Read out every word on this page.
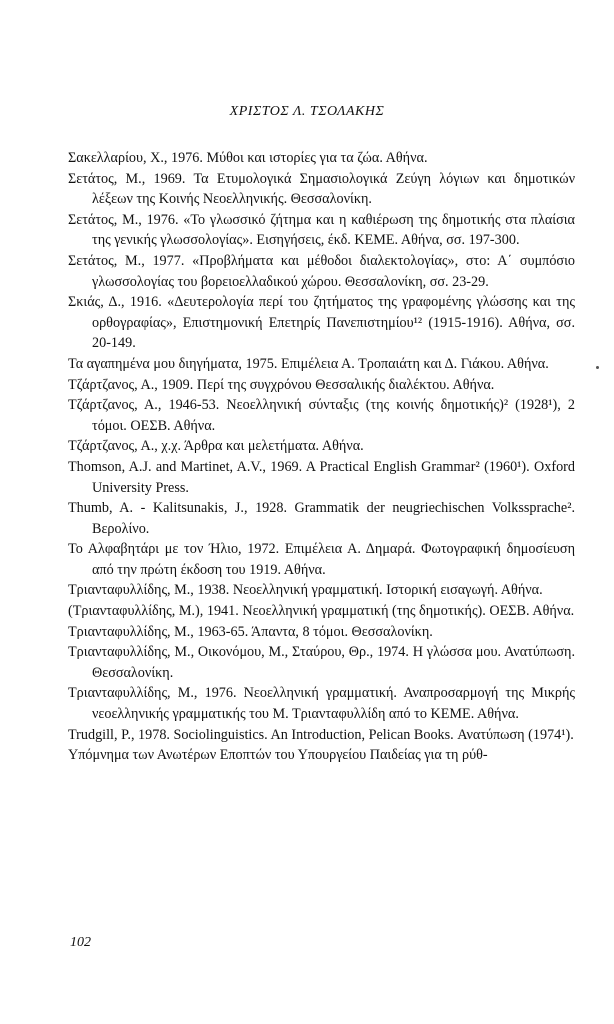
ΧΡΙΣΤΟΣ Λ. ΤΣΟΛΑΚΗΣ
Σακελλαρίου, Χ., 1976. Μύθοι και ιστορίες για τα ζώα. Αθήνα.
Σετάτος, Μ., 1969. Τα Ετυμολογικά Σημασιολογικά Ζεύγη λόγιων και δημοτικών λέξεων της Κοινής Νεοελληνικής. Θεσσαλονίκη.
Σετάτος, Μ., 1976. «Το γλωσσικό ζήτημα και η καθιέρωση της δημοτικής στα πλαίσια της γενικής γλωσσολογίας». Εισηγήσεις, έκδ. ΚΕΜΕ. Αθήνα, σσ. 197-300.
Σετάτος, Μ., 1977. «Προβλήματα και μέθοδοι διαλεκτολογίας», στο: Α΄ συμπόσιο γλωσσολογίας του βορειοελλαδικού χώρου. Θεσσαλονίκη, σσ. 23-29.
Σκιάς, Δ., 1916. «Δευτερολογία περί του ζητήματος της γραφομένης γλώσσης και της ορθογραφίας», Επιστημονική Επετηρίς Πανεπιστημίου¹² (1915-1916). Αθήνα, σσ. 20-149.
Τα αγαπημένα μου διηγήματα, 1975. Επιμέλεια Α. Τροπαιάτη και Δ. Γιάκου. Αθήνα.
Τζάρτζανος, Α., 1909. Περί της συγχρόνου Θεσσαλικής διαλέκτου. Αθήνα.
Τζάρτζανος, Α., 1946-53. Νεοελληνική σύνταξις (της κοινής δημοτικής)² (1928¹), 2 τόμοι. ΟΕΣΒ. Αθήνα.
Τζάρτζανος, Α., χ.χ. Άρθρα και μελετήματα. Αθήνα.
Thomson, A.J. and Martinet, A.V., 1969. A Practical English Grammar² (1960¹). Oxford University Press.
Thumb, A. - Kalitsunakis, J., 1928. Grammatik der neugriechischen Volkssprache². Βερολίνο.
Το Αλφαβητάρι με τον Ήλιο, 1972. Επιμέλεια Α. Δημαρά. Φωτογραφική δημοσίευση από την πρώτη έκδοση του 1919. Αθήνα.
Τριανταφυλλίδης, Μ., 1938. Νεοελληνική γραμματική. Ιστορική εισαγωγή. Αθήνα.
(Τριανταφυλλίδης, Μ.), 1941. Νεοελληνική γραμματική (της δημοτικής). ΟΕΣΒ. Αθήνα.
Τριανταφυλλίδης, Μ., 1963-65. Άπαντα, 8 τόμοι. Θεσσαλονίκη.
Τριανταφυλλίδης, Μ., Οικονόμου, Μ., Σταύρου, Θρ., 1974. Η γλώσσα μου. Ανατύπωση. Θεσσαλονίκη.
Τριανταφυλλίδης, Μ., 1976. Νεοελληνική γραμματική. Αναπροσαρμογή της Μικρής νεοελληνικής γραμματικής του Μ. Τριανταφυλλίδη από το ΚΕΜΕ. Αθήνα.
Trudgill, P., 1978. Sociolinguistics. An Introduction, Pelican Books. Ανατύπωση (1974¹).
Υπόμνημα των Ανωτέρων Εποπτών του Υπουργείου Παιδείας για τη ρύθ-
102
